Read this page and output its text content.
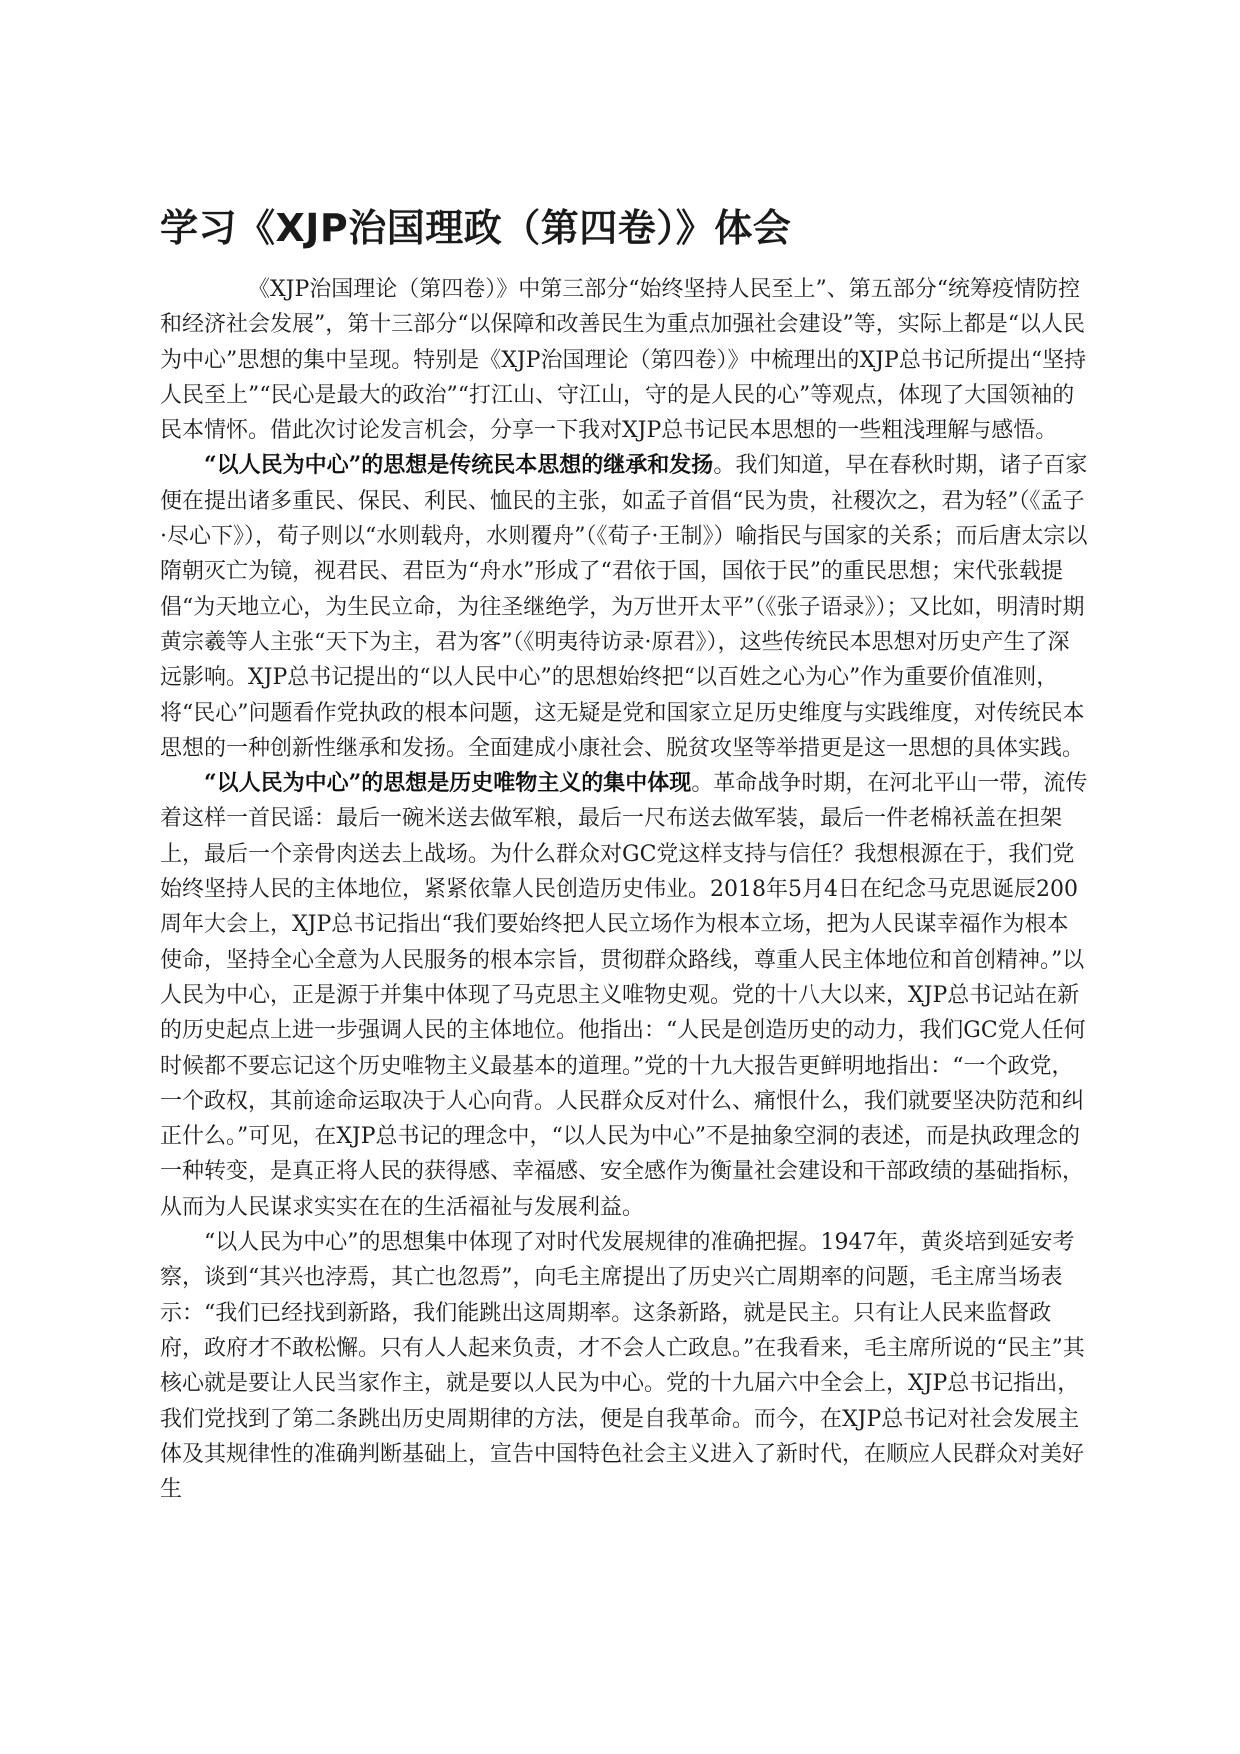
学习《XJP治国理政（第四卷）》体会

《XJP治国理论（第四卷）》中第三部分“始终坚持人民至上”、第五部分“统筹疫情防控和经济社会发展”，第十三部分“以保障和改善民生为重点加强社会建设”等，实际上都是“以人民为中心”思想的集中呈现。特别是《XJP治国理论（第四卷）》中梳理出的XJP总书记所提出“坚持人民至上”“民心是最大的政治”“打江山、守江山，守的是人民的心”等观点，体现了大国领袖的民本情怀。借此次讨论发言机会，分享一下我对XJP总书记民本思想的一些粗浅理解与感悟。

“以人民为中心”的思想是传统民本思想的继承和发扬。我们知道，早在春秋时期，诸子百家便在提出诸多重民、保民、利民、恤民的主张，如孟子首倡“民为贵，社稷次之，君为轻”（《孟子·尽心下》），荀子则以“水则载舟，水则覆舟”（《荀子·王制》）喻指民与国家的关系；而后唐太宗以隋朝灭亡为镜，视君民、君臣为“舟水”形成了“君依于国，国依于民”的重民思想；宋代张载提倡“为天地立心，为生民立命，为往圣继绝学，为万世开太平”（《张子语录》）；又比如，明清时期黄宗羲等人主张“天下为主，君为客”（《明夷待访录·原君》），这些传统民本思想对历史产生了深远影响。XJP总书记提出的“以人民中心”的思想始终把“以百姓之心为心”作为重要价值准则，将“民心”问题看作党执政的根本问题，这无疑是党和国家立足历史维度与实践维度，对传统民本思想的一种创新性继承和发扬。全面建成小康社会、脱贫攻坚等举措更是这一思想的具体实践。

“以人民为中心”的思想是历史唯物主义的集中体现。革命战争时期，在河北平山一带，流传着这样一首民谣：最后一碗米送去做军粮，最后一尺布送去做军装，最后一件老棉袄盖在担架上，最后一个亲骨肉送去上战场。为什么群众对GC党这样支持与信任？我想根源在于，我们党始终坚持人民的主体地位，紧紧依靠人民创造历史伟业。2018年5月4日在纪念马克思诞辰200周年大会上，XJP总书记指出“我们要始终把人民立场作为根本立场，把为人民谋幸福作为根本使命，坚持全心全意为人民服务的根本宗旨，贯彻群众路线，尊重人民主体地位和首创精神。”以人民为中心，正是源于并集中体现了马克思主义唯物史观。党的十八大以来，XJP总书记站在新的历史起点上进一步强调人民的主体地位。他指出：“人民是创造历史的动力，我们GC党人任何时候都不要忘记这个历史唯物主义最基本的道理。”党的十九大报告更鲜明地指出：“一个政党，一个政权，其前途命运取决于人心向背。人民群众反对什么、痛恨什么，我们就要坚决防范和纠正什么。”可见，在XJP总书记的理念中，“以人民为中心”不是抽象空洞的表述，而是执政理念的一种转变，是真正将人民的获得感、幸福感、安全感作为衡量社会建设和干部政绩的基础指标，从而为人民谋求实实在在的生活福祉与发展利益。

“以人民为中心”的思想集中体现了对时代发展规律的准确把握。1947年，黄炎培到延安考察，谈到“其兴也浡焉，其亡也忽焉”，向毛主席提出了历史兴亡周期率的问题，毛主席当场表示：“我们已经找到新路，我们能跳出这周期率。这条新路，就是民主。只有让人民来监督政府，政府才不敢松懈。只有人人起来负责，才不会人亡政息。”在我看来，毛主席所说的“民主”其核心就是要让人民当家作主，就是要以人民为中心。党的十九届六中全会上，XJP总书记指出，我们党找到了第二条跳出历史周期律的方法，便是自我革命。而今，在XJP总书记对社会发展主体及其规律性的准确判断基础上，宣告中国特色社会主义进入了新时代，在顺应人民群众对美好生
